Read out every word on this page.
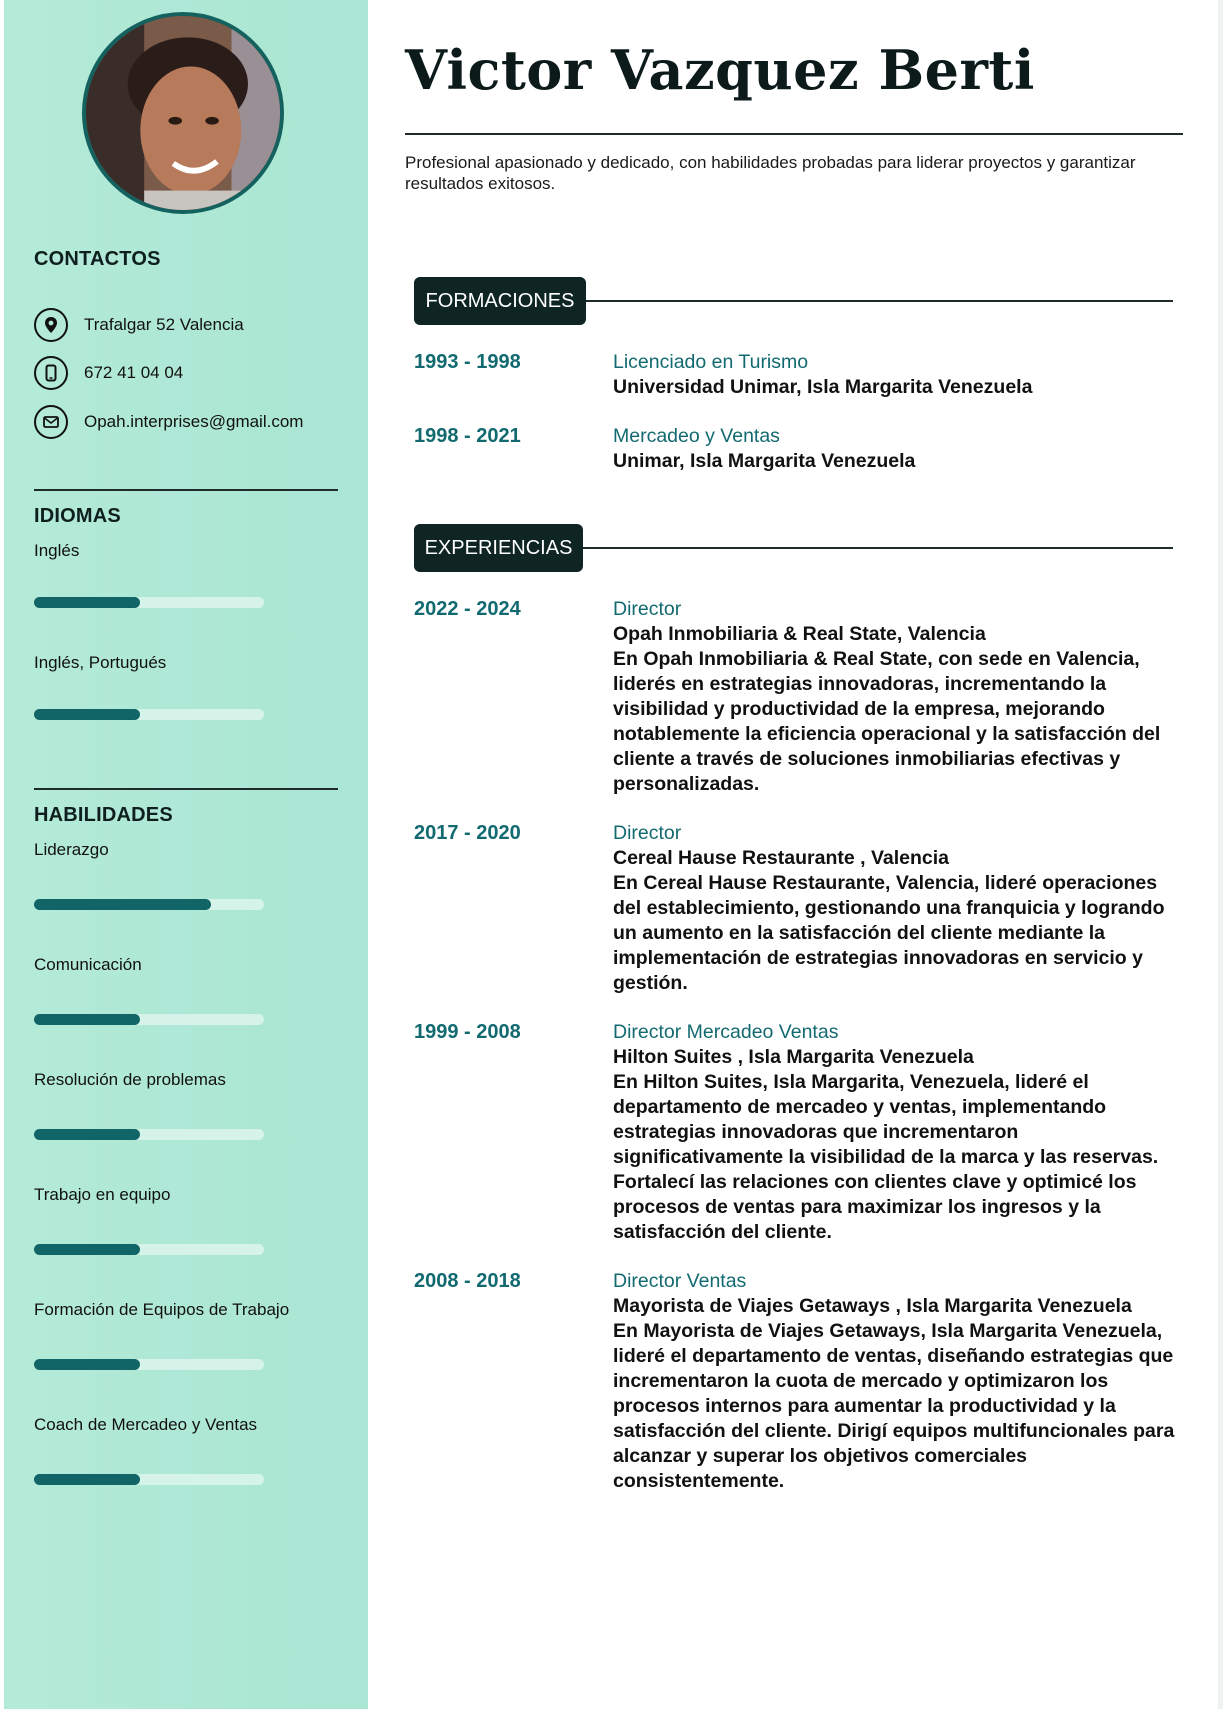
CONTACTOS
Trafalgar 52 Valencia
672 41 04 04
Opah.interprises@gmail.com
IDIOMAS
Inglés
Inglés, Portugués
HABILIDADES
Liderazgo
Comunicación
Resolución de problemas
Trabajo en equipo
Formación de Equipos de Trabajo
Coach de Mercadeo y Ventas
Victor Vazquez Berti
Profesional apasionado y dedicado, con habilidades probadas para liderar proyectos y garantizar resultados exitosos.
FORMACIONES
1993 - 1998	Licenciado en Turismo
Universidad Unimar, Isla Margarita Venezuela
1998 - 2021	Mercadeo y Ventas
Unimar, Isla Margarita Venezuela
EXPERIENCIAS
2022 - 2024	Director
Opah Inmobiliaria & Real State, Valencia
En Opah Inmobiliaria & Real State, con sede en Valencia, liderés en estrategias innovadoras, incrementando la visibilidad y productividad de la empresa, mejorando notablemente la eficiencia operacional y la satisfacción del cliente a través de soluciones inmobiliarias efectivas y personalizadas.
2017 - 2020	Director
Cereal Hause Restaurante , Valencia
En Cereal Hause Restaurante, Valencia, lideré operaciones del establecimiento, gestionando una franquicia y logrando un aumento en la satisfacción del cliente mediante la implementación de estrategias innovadoras en servicio y gestión.
1999 - 2008	Director Mercadeo Ventas
Hilton Suites , Isla Margarita Venezuela
En Hilton Suites, Isla Margarita, Venezuela, lideré el departamento de mercadeo y ventas, implementando estrategias innovadoras que incrementaron significativamente la visibilidad de la marca y las reservas. Fortalecí las relaciones con clientes clave y optimicé los procesos de ventas para maximizar los ingresos y la satisfacción del cliente.
2008 - 2018	Director Ventas
Mayorista de Viajes Getaways , Isla Margarita Venezuela
En Mayorista de Viajes Getaways, Isla Margarita Venezuela, lideré el departamento de ventas, diseñando estrategias que incrementaron la cuota de mercado y optimizaron los procesos internos para aumentar la productividad y la satisfacción del cliente. Dirigí equipos multifuncionales para alcanzar y superar los objetivos comerciales consistentemente.
